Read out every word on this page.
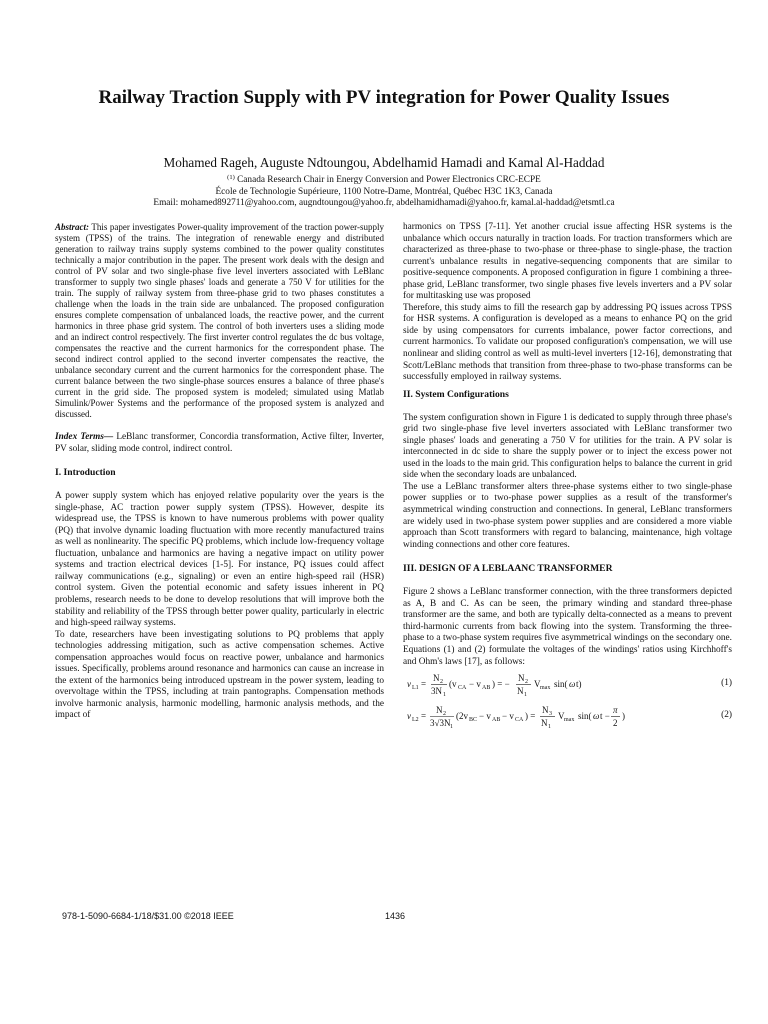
Railway Traction Supply with PV integration for Power Quality Issues
Mohamed Rageh, Auguste Ndtoungou, Abdelhamid Hamadi and Kamal Al-Haddad
$^{(1)}$ Canada Research Chair in Energy Conversion and Power Electronics CRC-ECPE
École de Technologie Supérieure, 1100 Notre-Dame, Montréal, Québec H3C 1K3, Canada
Email: mohamed892711@yahoo.com, augndtoungou@yahoo.fr, abdelhamidhamadi@yahoo.fr, kamal.al-haddad@etsmtl.ca

Abstract: This paper investigates Power-quality improvement of the traction power-supply system (TPSS) of the trains. The integration of renewable energy and distributed generation to railway trains supply systems combined to the power quality constitutes technically a major contribution in the paper. The present work deals with the design and control of PV solar and two single-phase five level inverters associated with LeBlanc transformer to supply two single phases' loads and generate a 750 V for utilities for the train. The supply of railway system from three-phase grid to two phases constitutes a challenge when the loads in the train side are unbalanced. The proposed configuration ensures complete compensation of unbalanced loads, the reactive power, and the current harmonics in three phase grid system. The control of both inverters uses a sliding mode and an indirect control respectively. The first inverter control regulates the dc bus voltage, compensates the reactive and the current harmonics for the correspondent phase. The second indirect control applied to the second inverter compensates the reactive, the unbalance secondary current and the current harmonics for the correspondent phase. The current balance between the two single-phase sources ensures a balance of three phase's current in the grid side. The proposed system is modeled; simulated using Matlab Simulink/Power Systems and the performance of the proposed system is analyzed and discussed.

Index Terms— LeBlanc transformer, Concordia transformation, Active filter, Inverter, PV solar, sliding mode control, indirect control.

I. Introduction

A power supply system which has enjoyed relative popularity over the years is the single-phase, AC traction power supply system (TPSS). However, despite its widespread use, the TPSS is known to have numerous problems with power quality (PQ) that involve dynamic loading fluctuation with more recently manufactured trains as well as nonlinearity. The specific PQ problems, which include low-frequency voltage fluctuation, unbalance and harmonics are having a negative impact on utility power systems and traction electrical devices [1-5]. For instance, PQ issues could affect railway communications (e.g., signaling) or even an entire high-speed rail (HSR) control system. Given the potential economic and safety issues inherent in PQ problems, research needs to be done to develop resolutions that will improve both the stability and reliability of the TPSS through better power quality, particularly in electric and high-speed railway systems.

To date, researchers have been investigating solutions to PQ problems that apply technologies addressing mitigation, such as active compensation schemes. Active compensation approaches would focus on reactive power, unbalance and harmonics issues. Specifically, problems around resonance and harmonics can cause an increase in the extent of the harmonics being introduced upstream in the power system, leading to overvoltage within the TPSS, including at train pantographs. Compensation methods involve harmonic analysis, harmonic modelling, harmonic analysis methods, and the impact of

harmonics on TPSS [7-11]. Yet another crucial issue affecting HSR systems is the unbalance which occurs naturally in traction loads. For traction transformers which are characterized as three-phase to two-phase or three-phase to single-phase, the traction current's unbalance results in negative-sequencing components that are similar to positive-sequence components. A proposed configuration in figure 1 combining a three-phase grid, LeBlanc transformer, two single phases five levels inverters and a PV solar for multitasking use was proposed

Therefore, this study aims to fill the research gap by addressing PQ issues across TPSS for HSR systems. A configuration is developed as a means to enhance PQ on the grid side by using compensators for currents imbalance, power factor corrections, and current harmonics. To validate our proposed configuration's compensation, we will use nonlinear and sliding control as well as multi-level inverters [12-16], demonstrating that Scott/LeBlanc methods that transition from three-phase to two-phase transforms can be successfully employed in railway systems.

II. System Configurations

The system configuration shown in Figure 1 is dedicated to supply through three phase's grid two single-phase five level inverters associated with LeBlanc transformer two single phases' loads and generating a 750 V for utilities for the train. A PV solar is interconnected in dc side to share the supply power or to inject the excess power not used in the loads to the main grid. This configuration helps to balance the current in grid side when the secondary loads are unbalanced.

The use a LeBlanc transformer alters three-phase systems either to two single-phase power supplies or to two-phase power supplies as a result of the transformer's asymmetrical winding construction and connections. In general, LeBlanc transformers are widely used in two-phase system power supplies and are considered a more viable approach than Scott transformers with regard to balancing, maintenance, high voltage winding connections and other core features.

III. DESIGN OF A LEBLAANC TRANSFORMER

Figure 2 shows a LeBlanc transformer connection, with the three transformers depicted as A, B and C. As can be seen, the primary winding and standard three-phase transformer are the same, and both are typically delta-connected as a means to prevent third-harmonic currents from back flowing into the system. Transforming the three-phase to a two-phase system requires five asymmetrical windings on the secondary one. Equations (1) and (2) formulate the voltages of the windings' ratios using Kirchhoff's and Ohm's laws [17], as follows:

v L1 =
N 2
3N 1
(v CA − v AB ) = −
N 2
N 1
V max sin( ω t)	(1)
v L2 =
N 2
3√3N 1
(2v BC − v AB − v CA ) =
N 3
N 1
V max sin( ω t −
π
2
)	(2)
978-1-5090-6684-1/18/$31.00 ©2018 IEEE	1436
